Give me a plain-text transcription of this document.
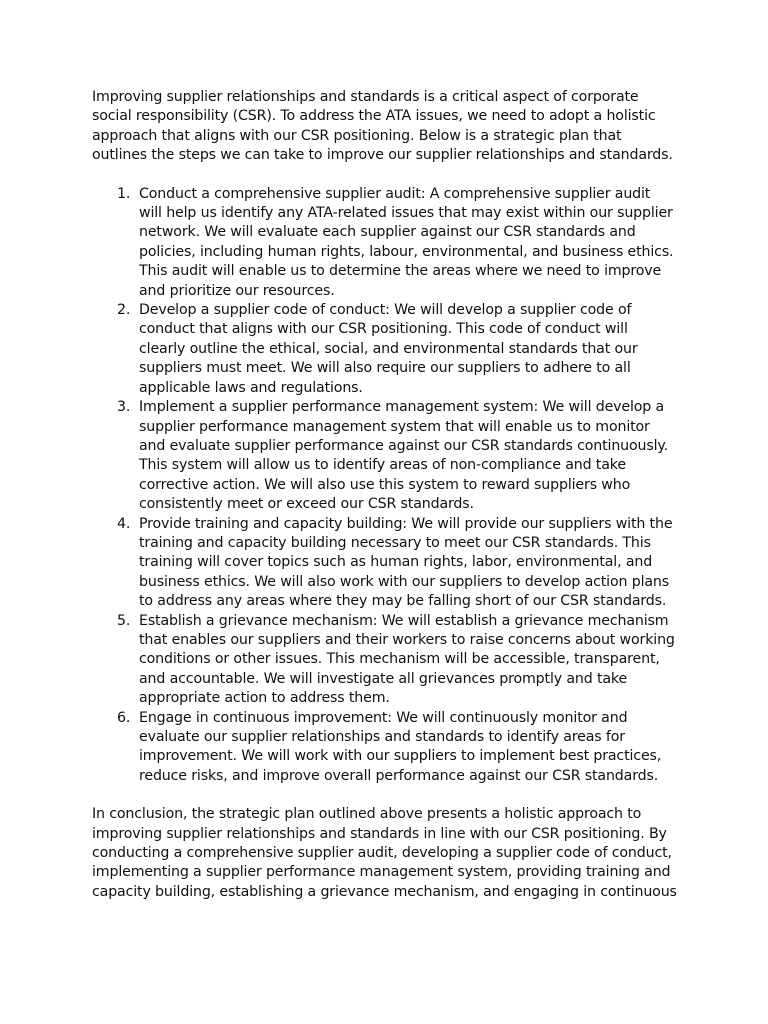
Improving supplier relationships and standards is a critical aspect of corporate social responsibility (CSR). To address the ATA issues, we need to adopt a holistic approach that aligns with our CSR positioning. Below is a strategic plan that outlines the steps we can take to improve our supplier relationships and standards.

1. Conduct a comprehensive supplier audit: A comprehensive supplier audit will help us identify any ATA-related issues that may exist within our supplier network. We will evaluate each supplier against our CSR standards and policies, including human rights, labour, environmental, and business ethics. This audit will enable us to determine the areas where we need to improve and prioritize our resources.
2. Develop a supplier code of conduct: We will develop a supplier code of conduct that aligns with our CSR positioning. This code of conduct will clearly outline the ethical, social, and environmental standards that our suppliers must meet. We will also require our suppliers to adhere to all applicable laws and regulations.
3. Implement a supplier performance management system: We will develop a supplier performance management system that will enable us to monitor and evaluate supplier performance against our CSR standards continuously. This system will allow us to identify areas of non-compliance and take corrective action. We will also use this system to reward suppliers who consistently meet or exceed our CSR standards.
4. Provide training and capacity building: We will provide our suppliers with the training and capacity building necessary to meet our CSR standards. This training will cover topics such as human rights, labor, environmental, and business ethics. We will also work with our suppliers to develop action plans to address any areas where they may be falling short of our CSR standards.
5. Establish a grievance mechanism: We will establish a grievance mechanism that enables our suppliers and their workers to raise concerns about working conditions or other issues. This mechanism will be accessible, transparent, and accountable. We will investigate all grievances promptly and take appropriate action to address them.
6. Engage in continuous improvement: We will continuously monitor and evaluate our supplier relationships and standards to identify areas for improvement. We will work with our suppliers to implement best practices, reduce risks, and improve overall performance against our CSR standards.

In conclusion, the strategic plan outlined above presents a holistic approach to improving supplier relationships and standards in line with our CSR positioning. By conducting a comprehensive supplier audit, developing a supplier code of conduct, implementing a supplier performance management system, providing training and capacity building, establishing a grievance mechanism, and engaging in continuous
